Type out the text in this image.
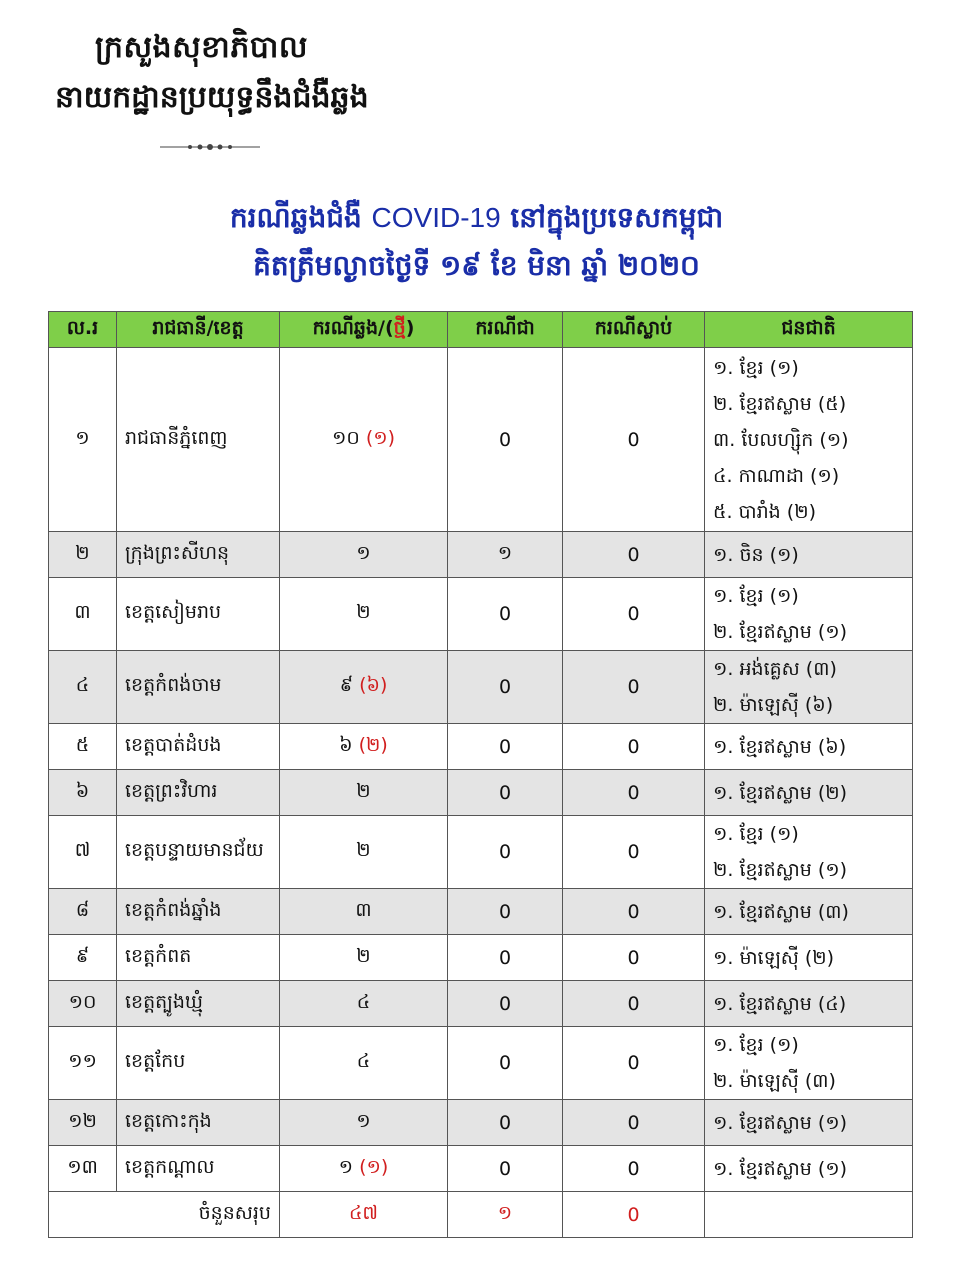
ក្រសួងសុខាភិបាល
នាយកដ្ឋានប្រយុទ្ធនឹងជំងឺឆ្លង
ករណីឆ្លងជំងឺ COVID-19 នៅក្នុងប្រទេសកម្ពុជា
គិតត្រឹមល្ងាចថ្ងៃទី ១៩ ខែ មិនា ឆ្នាំ ២០២០
ល.រ	រាជធានី/ខេត្ត	ករណីឆ្លង/(ថ្មី)	ករណីជា	ករណីស្លាប់	ជនជាតិ
១	រាជធានីភ្នំពេញ	១០ (១)	0	0	១. ខ្មែរ (១)
២. ខ្មែរឥស្លាម (៥)
៣. បែលហ្ស៊ិក (១)
៤. កាណាដា (១)
៥. បារាំង (២)

២	ក្រុងព្រះសីហនុ	១	១	0	១. ចិន (១)

៣	ខេត្តសៀមរាប	២	0	0	១. ខ្មែរ (១)
២. ខ្មែរឥស្លាម (១)

៤	ខេត្តកំពង់ចាម	៩ (៦)	0	0	១. អង់គ្លេស (៣)
២. ម៉ាឡេស៊ី (៦)

៥	ខេត្តបាត់ដំបង	៦ (២)	0	0	១. ខ្មែរឥស្លាម (៦)

៦	ខេត្តព្រះវិហារ	២	0	0	១. ខ្មែរឥស្លាម (២)

៧	ខេត្តបន្ទាយមានជ័យ	២	0	0	១. ខ្មែរ (១)
២. ខ្មែរឥស្លាម (១)

៨	ខេត្តកំពង់ឆ្នាំង	៣	0	0	១. ខ្មែរឥស្លាម (៣)

៩	ខេត្តកំពត	២	0	0	១. ម៉ាឡេស៊ី (២)

១០	ខេត្តត្បូងឃ្មុំ	៤	0	0	១. ខ្មែរឥស្លាម (៤)

១១	ខេត្តកែប	៤	0	0	១. ខ្មែរ (១)
២. ម៉ាឡេស៊ី (៣)

១២	ខេត្តកោះកុង	១	0	0	១. ខ្មែរឥស្លាម (១)

១៣	ខេត្តកណ្តាល	១ (១)	0	0	១. ខ្មែរឥស្លាម (១)

ចំនួនសរុប		៤៧	១	0	
